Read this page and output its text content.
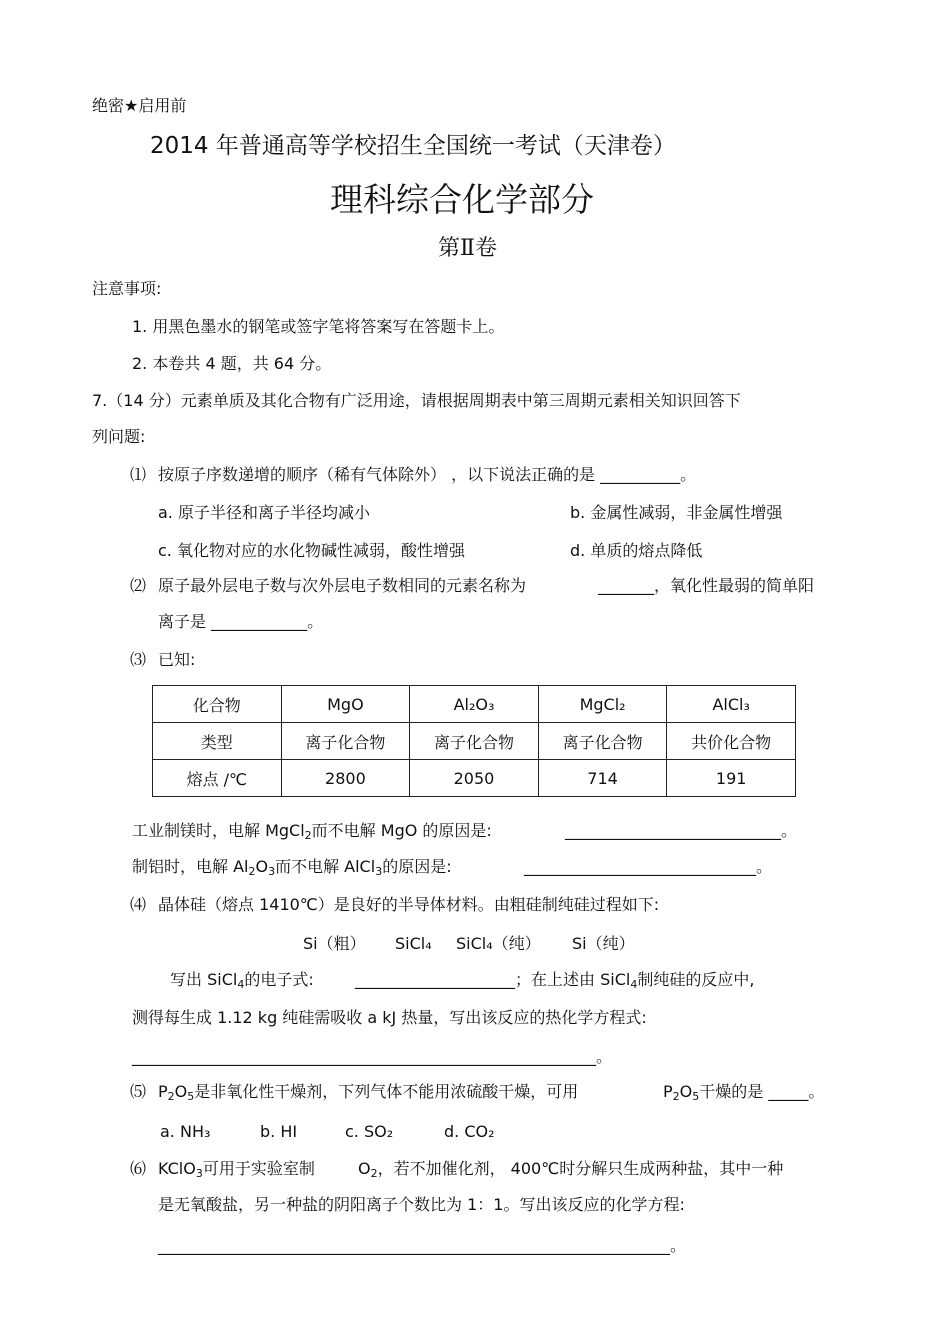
绝密★启用前
2014 年普通高等学校招生全国统一考试（天津卷）
理科综合化学部分
第Ⅱ卷
注意事项:
1. 用黑色墨水的钢笔或签字笔将答案写在答题卡上。
2. 本卷共 4 题，共 64 分。
7.（14 分）元素单质及其化合物有广泛用途，请根据周期表中第三周期元素相关知识回答下
列问题:
⑴ 按原子序数递增的顺序（稀有气体除外） ，以下说法正确的是 __________。
a. 原子半径和离子半径均减小	b. 金属性减弱，非金属性增强
c. 氧化物对应的水化物碱性减弱，酸性增强	d. 单质的熔点降低
⑵ 原子最外层电子数与次外层电子数相同的元素名称为	_______，氧化性最弱的简单阳
离子是 ____________。
⑶ 已知:
化合物	MgO	Al₂O₃	MgCl₂	AlCl₃
类型	离子化合物	离子化合物	离子化合物	共价化合物
熔点 /℃	2800	2050	714	191
工业制镁时，电解 MgCl$_2$而不电解 MgO 的原因是:	___________________________。
制铝时，电解 $Al_2O_3$而不电解 AlCl$_3$的原因是:	_____________________________。
⑷ 晶体硅（熔点 1410℃）是良好的半导体材料。由粗硅制纯硅过程如下:
Si（粗） SiCl₄ SiCl₄（纯） Si（纯）
写出 SiCl$_4$的电子式:	____________________；在上述由 SiCl$_4$制纯硅的反应中,
测得每生成 1.12 kg 纯硅需吸收 a kJ 热量，写出该反应的热化学方程式:
__________________________________________________________。
⑸ $P_2O_5$是非氧化性干燥剂，下列气体不能用浓硫酸干燥，可用	$P_2O_5$干燥的是 _____。
a. NH₃	b. HI	c. SO₂	d. CO₂
⑹ KClO$_3$可用于实验室制	$O_2$，若不加催化剂， 400℃时分解只生成两种盐，其中一种
是无氧酸盐，另一种盐的阴阳离子个数比为 1：1。写出该反应的化学方程:
________________________________________________________________。
